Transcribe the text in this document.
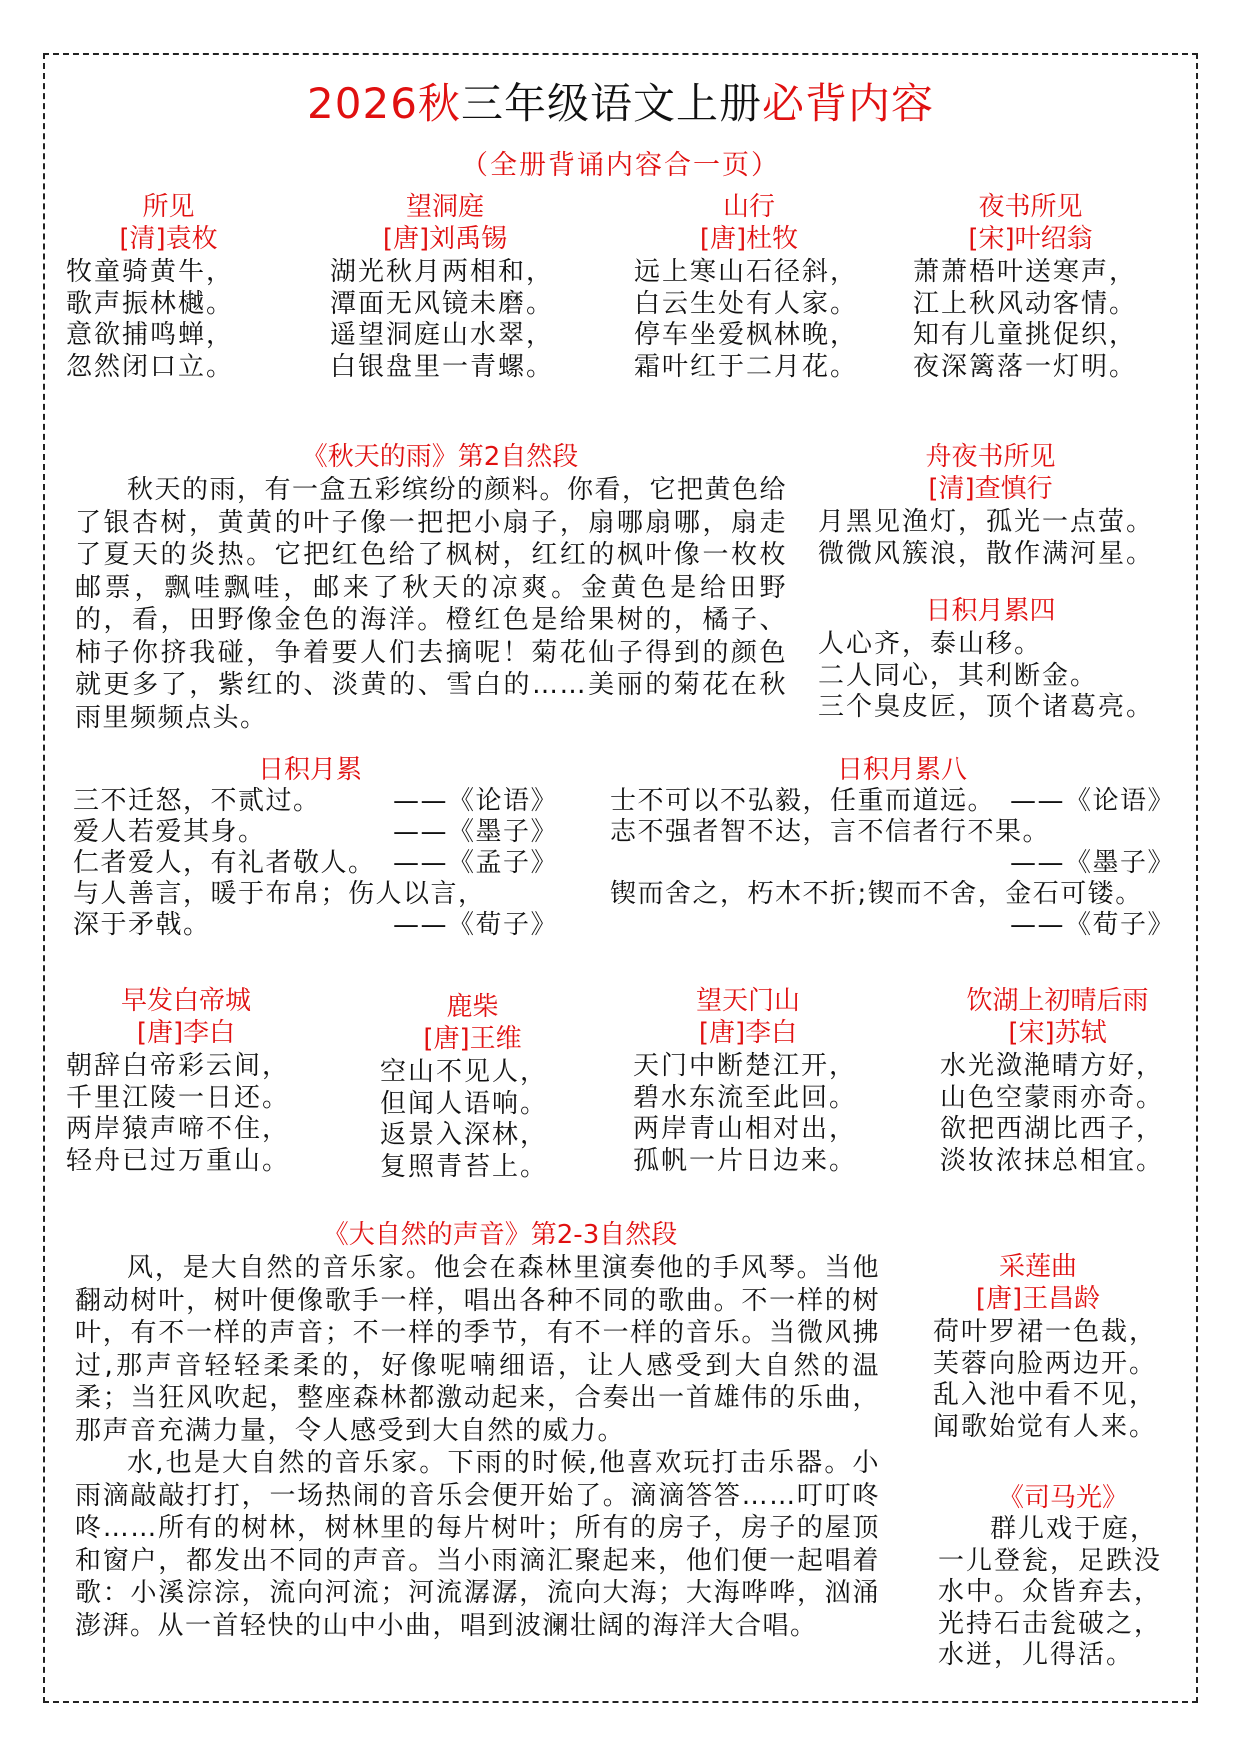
2026秋三年级语文上册必背内容
（全册背诵内容合一页）
所见
[清]袁枚
牧童骑黄牛，
歌声振林樾。
意欲捕鸣蝉，
忽然闭口立。
望洞庭
[唐]刘禹锡
湖光秋月两相和，
潭面无风镜未磨。
遥望洞庭山水翠，
白银盘里一青螺。
山行
[唐]杜牧
远上寒山石径斜，
白云生处有人家。
停车坐爱枫林晚，
霜叶红于二月花。
夜书所见
[宋]叶绍翁
萧萧梧叶送寒声，
江上秋风动客情。
知有儿童挑促织，
夜深篱落一灯明。
《秋天的雨》第2自然段

秋天的雨，有一盒五彩缤纷的颜料。你看，它把黄色给了银杏树，黄黄的叶子像一把把小扇子，扇哪扇哪，扇走了夏天的炎热。它把红色给了枫树，红红的枫叶像一枚枚邮票，飘哇飘哇，邮来了秋天的凉爽。金黄色是给田野的，看，田野像金色的海洋。橙红色是给果树的，橘子、柿子你挤我碰，争着要人们去摘呢！菊花仙子得到的颜色就更多了，紫红的、淡黄的、雪白的……美丽的菊花在秋雨里频频点头。

舟夜书所见
[清]查慎行
月黑见渔灯，孤光一点萤。
微微风簇浪，散作满河星。
日积月累四
人心齐，泰山移。
二人同心，其利断金。
三个臭皮匠，顶个诸葛亮。
日积月累
三不迁怒，不贰过。	——《论语》
爱人若爱其身。	——《墨子》
仁者爱人，有礼者敬人。 ——《孟子》
与人善言，暖于布帛；伤人以言，
深于矛戟。	——《荀子》
日积月累八
士不可以不弘毅，任重而道远。 ——《论语》
志不强者智不达，言不信者行不果。
——《墨子》
锲而舍之，朽木不折;锲而不舍，金石可镂。
——《荀子》
早发白帝城
[唐]李白
朝辞白帝彩云间，
千里江陵一日还。
两岸猿声啼不住，
轻舟已过万重山。
鹿柴
[唐]王维
空山不见人，
但闻人语响。
返景入深林，
复照青苔上。
望天门山
[唐]李白
天门中断楚江开，
碧水东流至此回。
两岸青山相对出，
孤帆一片日边来。
饮湖上初晴后雨
[宋]苏轼
水光潋滟晴方好，
山色空蒙雨亦奇。
欲把西湖比西子，
淡妆浓抹总相宜。
《大自然的声音》第2-3自然段

风，是大自然的音乐家。他会在森林里演奏他的手风琴。当他翻动树叶，树叶便像歌手一样，唱出各种不同的歌曲。不一样的树叶，有不一样的声音；不一样的季节，有不一样的音乐。当微风拂过,那声音轻轻柔柔的，好像呢喃细语，让人感受到大自然的温柔；当狂风吹起，整座森林都激动起来，合奏出一首雄伟的乐曲，那声音充满力量，令人感受到大自然的威力。

水,也是大自然的音乐家。下雨的时候,他喜欢玩打击乐器。小雨滴敲敲打打，一场热闹的音乐会便开始了。滴滴答答……叮叮咚咚……所有的树林，树林里的每片树叶；所有的房子，房子的屋顶和窗户，都发出不同的声音。当小雨滴汇聚起来，他们便一起唱着歌：小溪淙淙，流向河流；河流潺潺，流向大海；大海哗哗，汹涌澎湃。从一首轻快的山中小曲，唱到波澜壮阔的海洋大合唱。

采莲曲
[唐]王昌龄
荷叶罗裙一色裁，
芙蓉向脸两边开。
乱入池中看不见，
闻歌始觉有人来。
《司马光》
群儿戏于庭，
一儿登瓮，足跌没
水中。众皆弃去，
光持石击瓮破之，
水迸，儿得活。
